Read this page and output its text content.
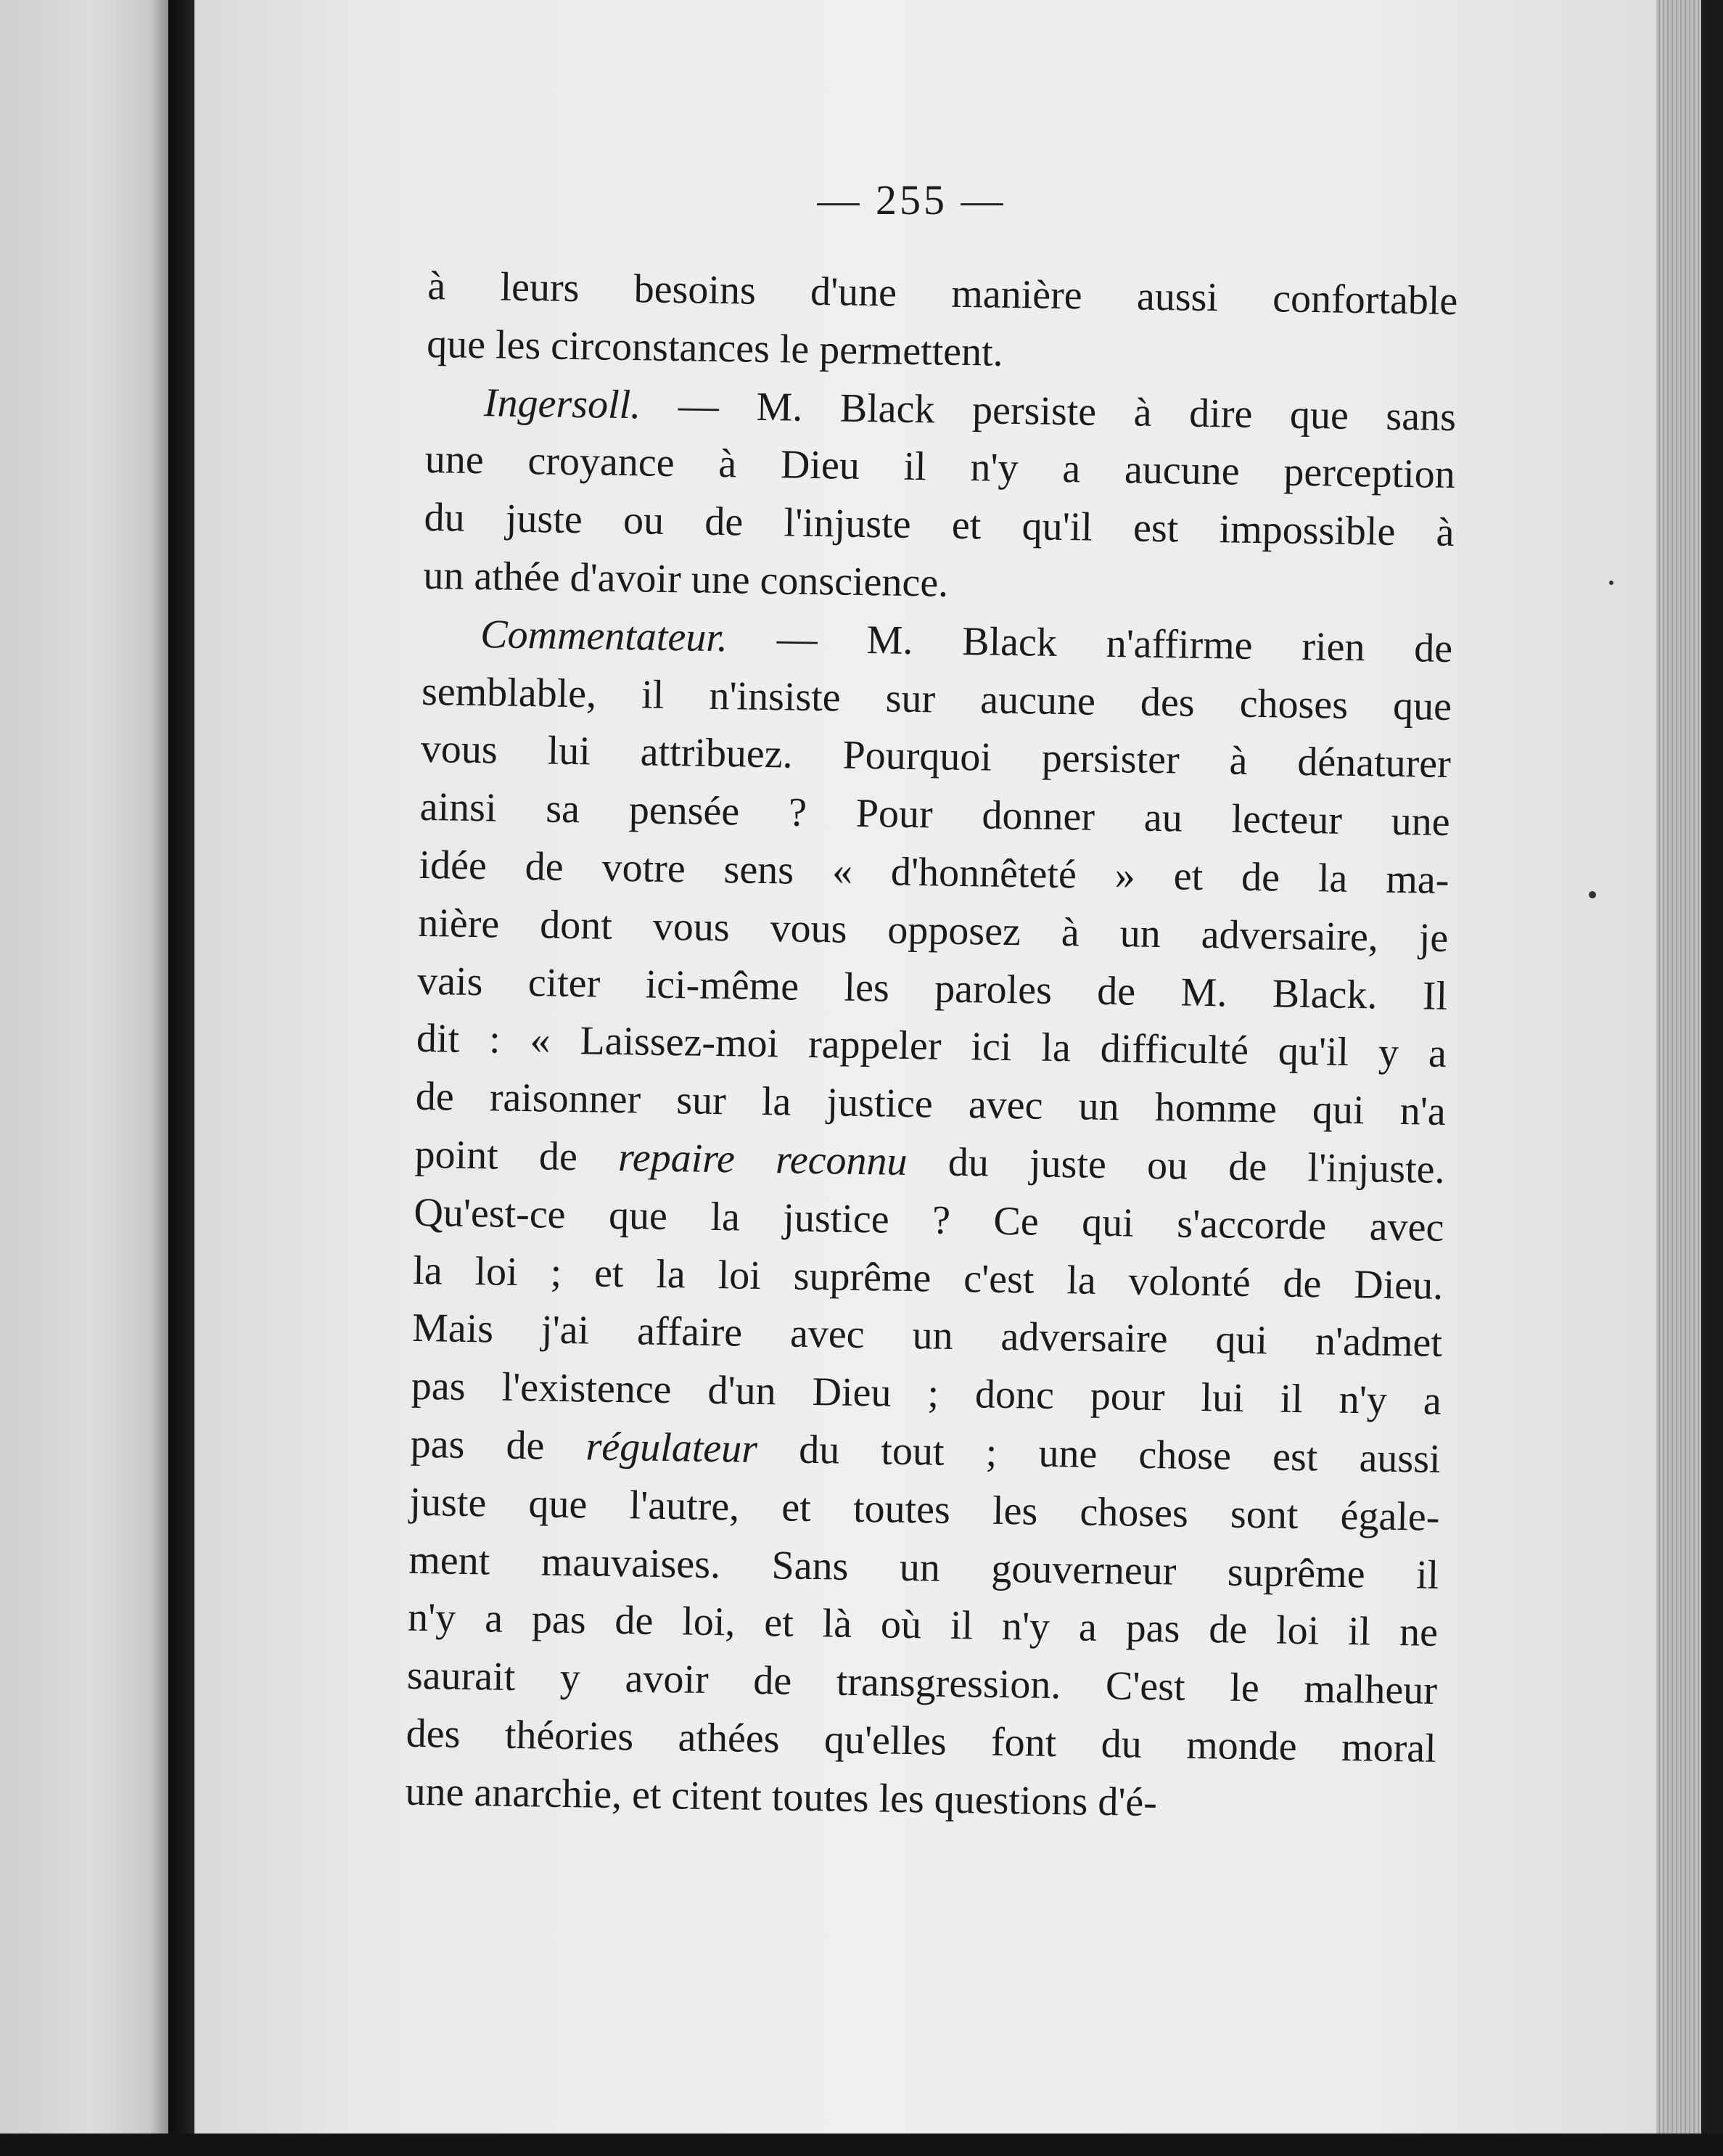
— 255 —
à leurs besoins d'une manière aussi confortable
que les circonstances le permettent.
Ingersoll. — M. Black persiste à dire que sans
une croyance à Dieu il n'y a aucune perception
du juste ou de l'injuste et qu'il est impossible à
un athée d'avoir une conscience.
Commentateur. — M. Black n'affirme rien de
semblable, il n'insiste sur aucune des choses que
vous lui attribuez. Pourquoi persister à dénaturer
ainsi sa pensée ? Pour donner au lecteur une
idée de votre sens « d'honnêteté » et de la ma-
nière dont vous vous opposez à un adversaire, je
vais citer ici-même les paroles de M. Black. Il
dit : « Laissez-moi rappeler ici la difficulté qu'il y a
de raisonner sur la justice avec un homme qui n'a
point de repaire reconnu du juste ou de l'injuste.
Qu'est-ce que la justice ? Ce qui s'accorde avec
la loi ; et la loi suprême c'est la volonté de Dieu.
Mais j'ai affaire avec un adversaire qui n'admet
pas l'existence d'un Dieu ; donc pour lui il n'y a
pas de régulateur du tout ; une chose est aussi
juste que l'autre, et toutes les choses sont égale-
ment mauvaises. Sans un gouverneur suprême il
n'y a pas de loi, et là où il n'y a pas de loi il ne
saurait y avoir de transgression. C'est le malheur
des théories athées qu'elles font du monde moral
une anarchie, et citent toutes les questions d'é-
